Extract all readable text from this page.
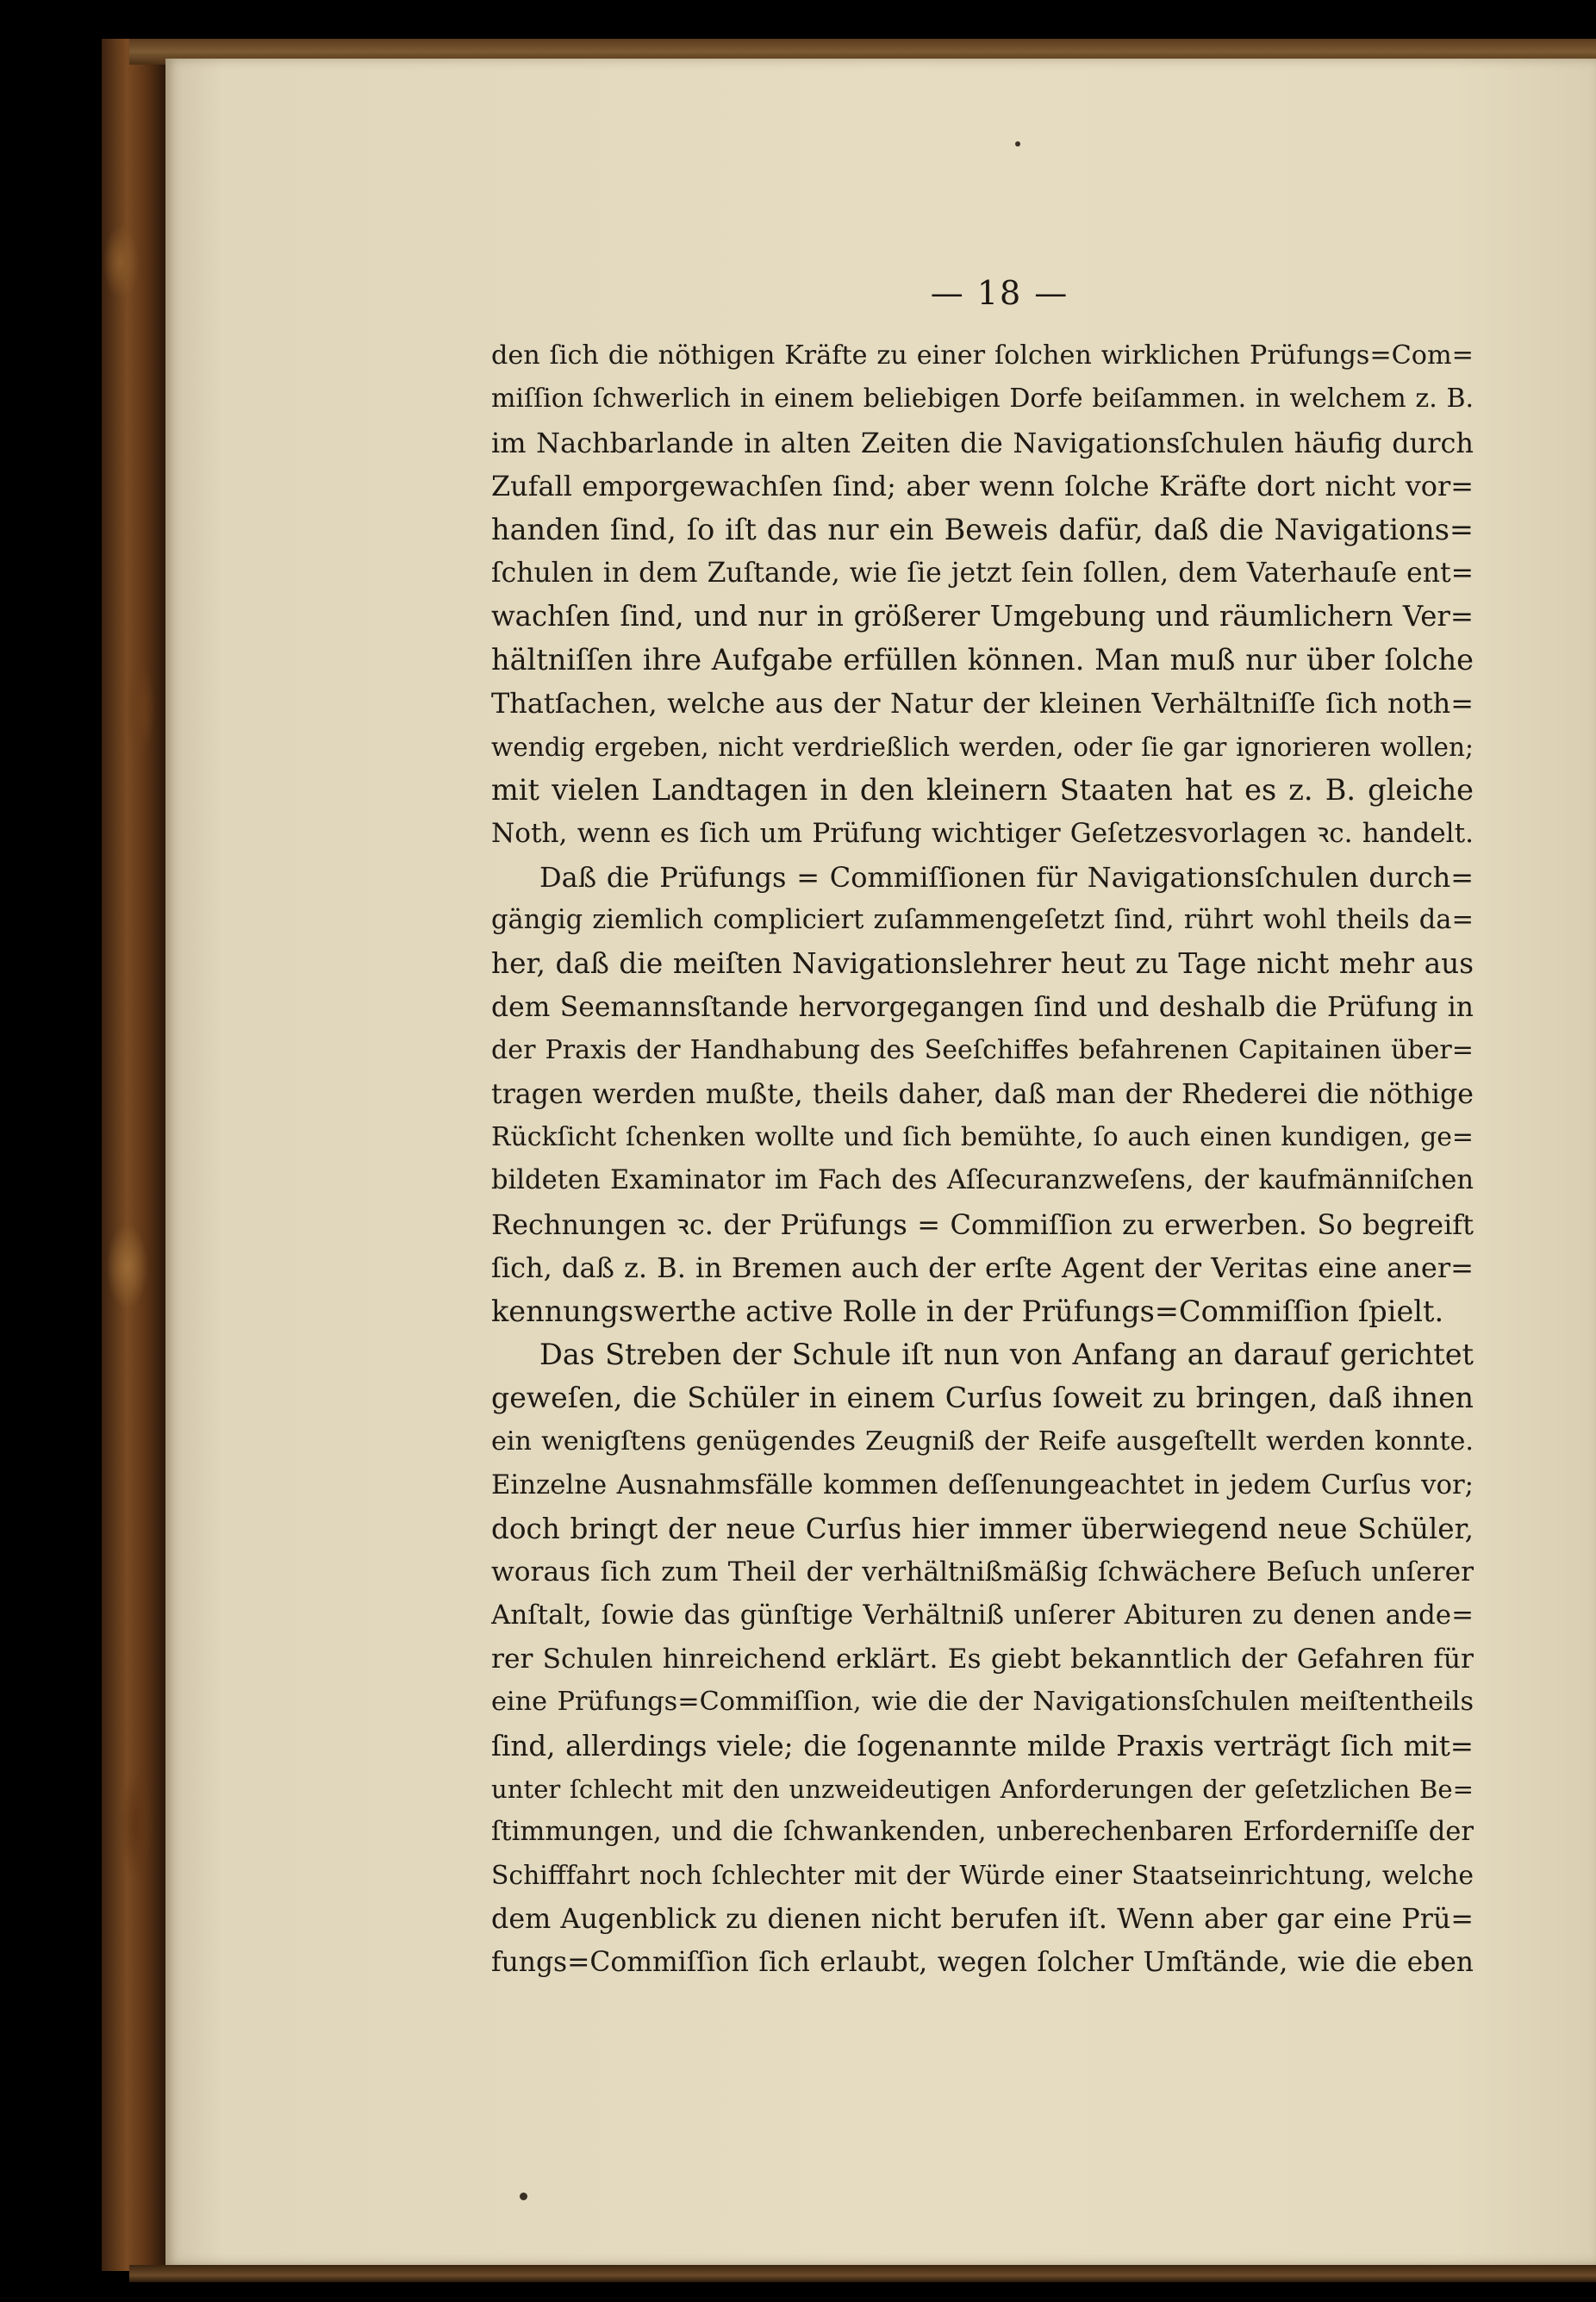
— 18 —
den ſich die nöthigen Kräfte zu einer ſolchen wirklichen Prüfungs=Com=
miſſion ſchwerlich in einem beliebigen Dorfe beiſammen. in welchem z. B.
im Nachbarlande in alten Zeiten die Navigationsſchulen häufig durch
Zufall emporgewachſen ſind; aber wenn ſolche Kräfte dort nicht vor=
handen ſind, ſo iſt das nur ein Beweis dafür, daß die Navigations=
ſchulen in dem Zuſtande, wie ſie jetzt ſein ſollen, dem Vaterhauſe ent=
wachſen ſind, und nur in größerer Umgebung und räumlichern Ver=
hältniſſen ihre Aufgabe erfüllen können. Man muß nur über ſolche
Thatſachen, welche aus der Natur der kleinen Verhältniſſe ſich noth=
wendig ergeben, nicht verdrießlich werden, oder ſie gar ignorieren wollen;
mit vielen Landtagen in den kleinern Staaten hat es z. B. gleiche
Noth, wenn es ſich um Prüfung wichtiger Geſetzesvorlagen ꝛc. handelt.
Daß die Prüfungs = Commiſſionen für Navigationsſchulen durch=
gängig ziemlich compliciert zuſammengeſetzt ſind, rührt wohl theils da=
her, daß die meiſten Navigationslehrer heut zu Tage nicht mehr aus
dem Seemannsſtande hervorgegangen ſind und deshalb die Prüfung in
der Praxis der Handhabung des Seeſchiffes befahrenen Capitainen über=
tragen werden mußte, theils daher, daß man der Rhederei die nöthige
Rückſicht ſchenken wollte und ſich bemühte, ſo auch einen kundigen, ge=
bildeten Examinator im Fach des Aſſecuranzweſens, der kaufmänniſchen
Rechnungen ꝛc. der Prüfungs = Commiſſion zu erwerben. So begreift
ſich, daß z. B. in Bremen auch der erſte Agent der Veritas eine aner=
kennungswerthe active Rolle in der Prüfungs=Commiſſion ſpielt.
Das Streben der Schule iſt nun von Anfang an darauf gerichtet
geweſen, die Schüler in einem Curſus ſoweit zu bringen, daß ihnen
ein wenigſtens genügendes Zeugniß der Reife ausgeſtellt werden konnte.
Einzelne Ausnahmsfälle kommen deſſenungeachtet in jedem Curſus vor;
doch bringt der neue Curſus hier immer überwiegend neue Schüler,
woraus ſich zum Theil der verhältnißmäßig ſchwächere Beſuch unſerer
Anſtalt, ſowie das günſtige Verhältniß unſerer Abituren zu denen ande=
rer Schulen hinreichend erklärt. Es giebt bekanntlich der Gefahren für
eine Prüfungs=Commiſſion, wie die der Navigationsſchulen meiſtentheils
ſind, allerdings viele; die ſogenannte milde Praxis verträgt ſich mit=
unter ſchlecht mit den unzweideutigen Anforderungen der geſetzlichen Be=
ſtimmungen, und die ſchwankenden, unberechenbaren Erforderniſſe der
Schifffahrt noch ſchlechter mit der Würde einer Staatseinrichtung, welche
dem Augenblick zu dienen nicht berufen iſt. Wenn aber gar eine Prü=
fungs=Commiſſion ſich erlaubt, wegen ſolcher Umſtände, wie die eben
